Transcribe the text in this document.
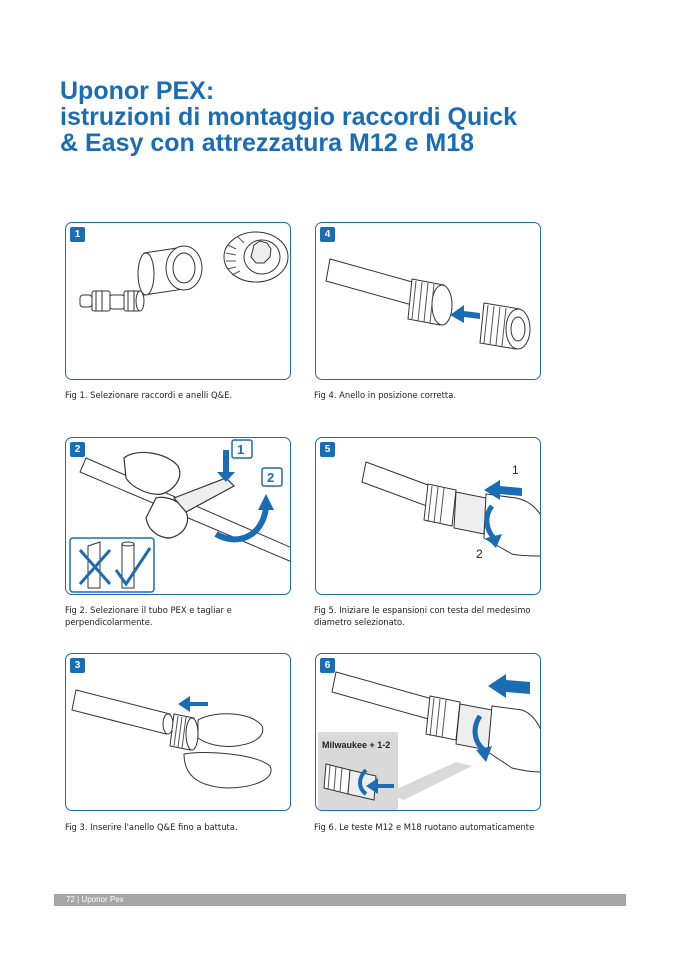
Uponor PEX:
istruzioni di montaggio raccordi Quick
& Easy con attrezzatura M12 e M18
1
Fig 1. Selezionare raccordi e anelli Q&E.
2	1
2
Fig 2. Selezionare il tubo PEX e tagliar e
perpendicolarmente.
3
Fig 3. Inserire l'anello Q&E fino a battuta.
4
Fig 4. Anello in posizione corretta.
5
1
2
Fig 5. Iniziare le espansioni con testa del medesimo
diametro selezionato.
6
Milwaukee + 1-2
Fig 6. Le teste M12 e M18 ruotano automaticamente
72 | Uponor Pex
